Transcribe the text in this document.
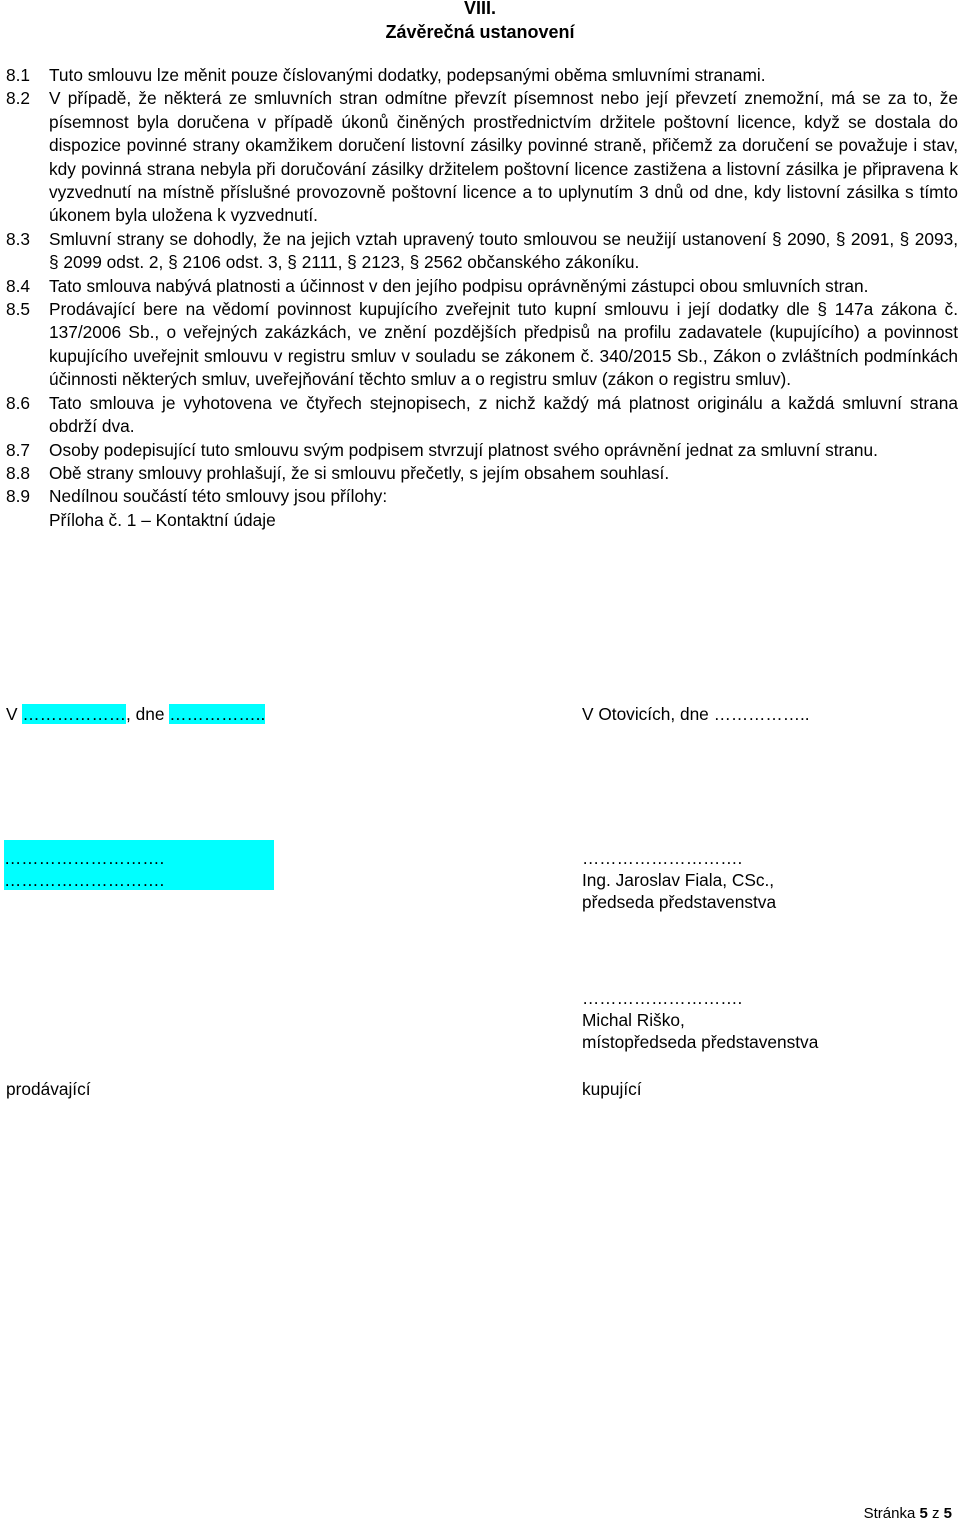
VIII.
Závěrečná ustanovení
8.1	Tuto smlouvu lze měnit pouze číslovanými dodatky, podepsanými oběma smluvními stranami.
8.2	V případě, že některá ze smluvních stran odmítne převzít písemnost nebo její převzetí znemožní, má se za to, že písemnost byla doručena v případě úkonů činěných prostřednictvím držitele poštovní licence, když se dostala do dispozice povinné strany okamžikem doručení listovní zásilky povinné straně, přičemž za doručení se považuje i stav, kdy povinná strana nebyla při doručování zásilky držitelem poštovní licence zastižena a listovní zásilka je připravena k vyzvednutí na místně příslušné provozovně poštovní licence a to uplynutím 3 dnů od dne, kdy listovní zásilka s tímto úkonem byla uložena k vyzvednutí.
8.3	Smluvní strany se dohodly, že na jejich vztah upravený touto smlouvou se neužijí ustanovení § 2090, § 2091, § 2093, § 2099 odst. 2, § 2106 odst. 3, § 2111, § 2123, § 2562 občanského zákoníku.
8.4	Tato smlouva nabývá platnosti a účinnost v den jejího podpisu oprávněnými zástupci obou smluvních stran.
8.5	Prodávající bere na vědomí povinnost kupujícího zveřejnit tuto kupní smlouvu i její dodatky dle § 147a zákona č. 137/2006 Sb., o veřejných zakázkách, ve znění pozdějších předpisů na profilu zadavatele (kupujícího) a povinnost kupujícího uveřejnit smlouvu v registru smluv v souladu se zákonem č. 340/2015 Sb., Zákon o zvláštních podmínkách účinnosti některých smluv, uveřejňování těchto smluv a o registru smluv (zákon o registru smluv).
8.6	Tato smlouva je vyhotovena ve čtyřech stejnopisech, z nichž každý má platnost originálu a každá smluvní strana obdrží dva.
8.7	Osoby podepisující tuto smlouvu svým podpisem stvrzují platnost svého oprávnění jednat za smluvní stranu.
8.8	Obě strany smlouvy prohlašují, že si smlouvu přečetly, s jejím obsahem souhlasí.
8.9	Nedílnou součástí této smlouvy jsou přílohy:
Příloha č. 1 – Kontaktní údaje
V ………………, dne ……………..
……………………….
……………………….
prodávající
V Otovicích, dne ……………..
……………………….
Ing. Jaroslav Fiala, CSc.,
předseda představenstva
……………………….
Michal Riško,
místopředseda představenstva
kupující
Stránka 5 z 5
